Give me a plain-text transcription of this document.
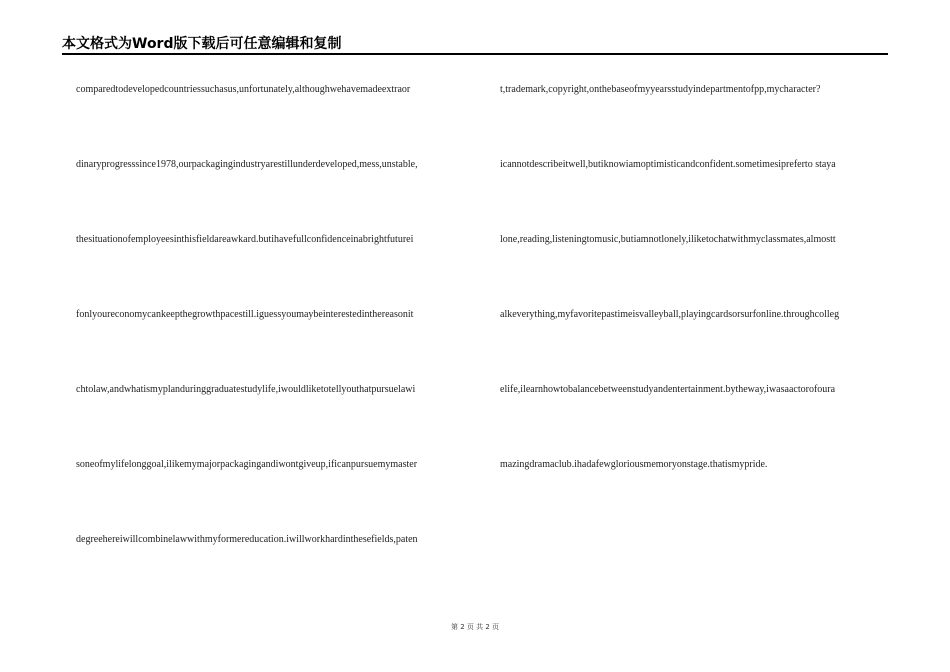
本文格式为Word版下载后可任意编辑和复制
comparedtodevelopedcountriessuchasus,unfortunately,althoughwehavemadeextraor
dinaryprogresssince1978,ourpackagingindustryarestillunderdeveloped,mess,unstable,
thesituationofemployeesinthisfieldareawkard.butihavefullconfidenceinabrightfuturei
fonlyoureconomycankeepthegrowthpacestill.iguessyoumaybeinterestedinthereasonit
chtolaw,andwhatismyplanduringgraduatestudylife,iwouldliketotellyouthatpursuelawi
soneofmylifelonggoal,ilikemymajorpackagingandiwontgiveup,ificanpursuemymaster
degreehereiwillcombinelawwithmyformereducation.iwillworkhardinthesefields,paten
t,trademark,copyright,onthebaseofmyyearsstudyindepartmentofpp,mycharacter?
icannotdescribeitwell,butiknowiamoptimisticandconfident.sometimesipreferto staya
lone,reading,listeningtomusic,butiamnotlonely,iliketochatwithmyclassmates,almostt
alkeverything,myfavoritepastimeisvalleyball,playingcardsorsurfonline.throughcolleg
elife,ilearnhowtobalancebetweenstudyandentertainment.bytheway,iwasaactorofoura
mazingdramaclub.ihadafewgloriousmemoryonstage.thatismypride.
第 2 页 共 2 页
